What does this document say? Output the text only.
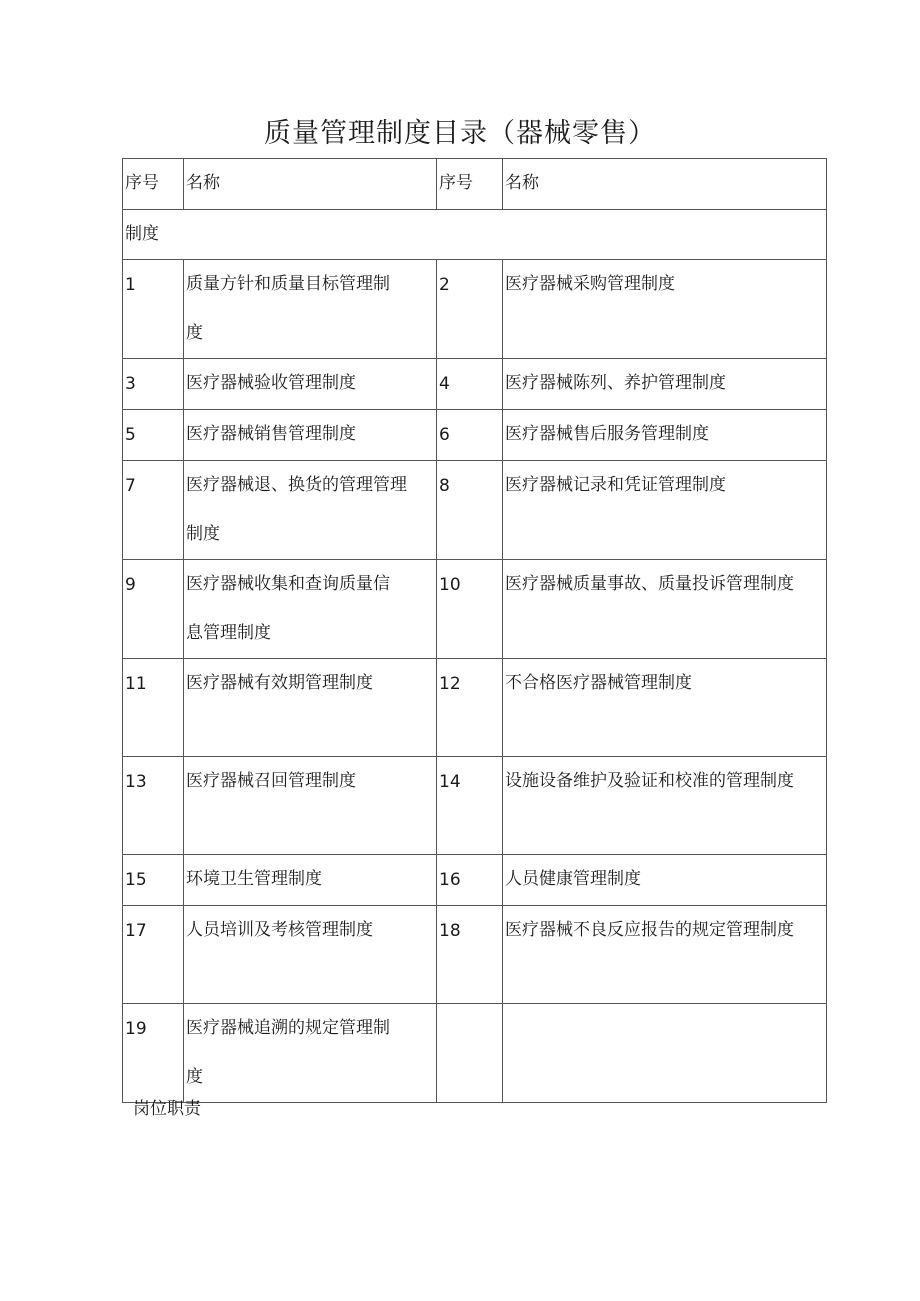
质量管理制度目录（器械零售）
序号	名称	序号	名称
制度			
1	质量方针和质量目标管理制度	2	医疗器械采购管理制度

3	医疗器械验收管理制度	4	医疗器械陈列、养护管理制度

5	医疗器械销售管理制度	6	医疗器械售后服务管理制度

7	医疗器械退、换货的管理管理制度	8	医疗器械记录和凭证管理制度

9	医疗器械收集和查询质量信息管理制度	10	医疗器械质量事故、质量投诉管理制度

11	医疗器械有效期管理制度	12	不合格医疗器械管理制度

13	医疗器械召回管理制度	14	设施设备维护及验证和校准的管理制度

15	环境卫生管理制度	16	人员健康管理制度

17	人员培训及考核管理制度	18	医疗器械不良反应报告的规定管理制度

19	医疗器械追溯的规定管理制度		

岗位职责
